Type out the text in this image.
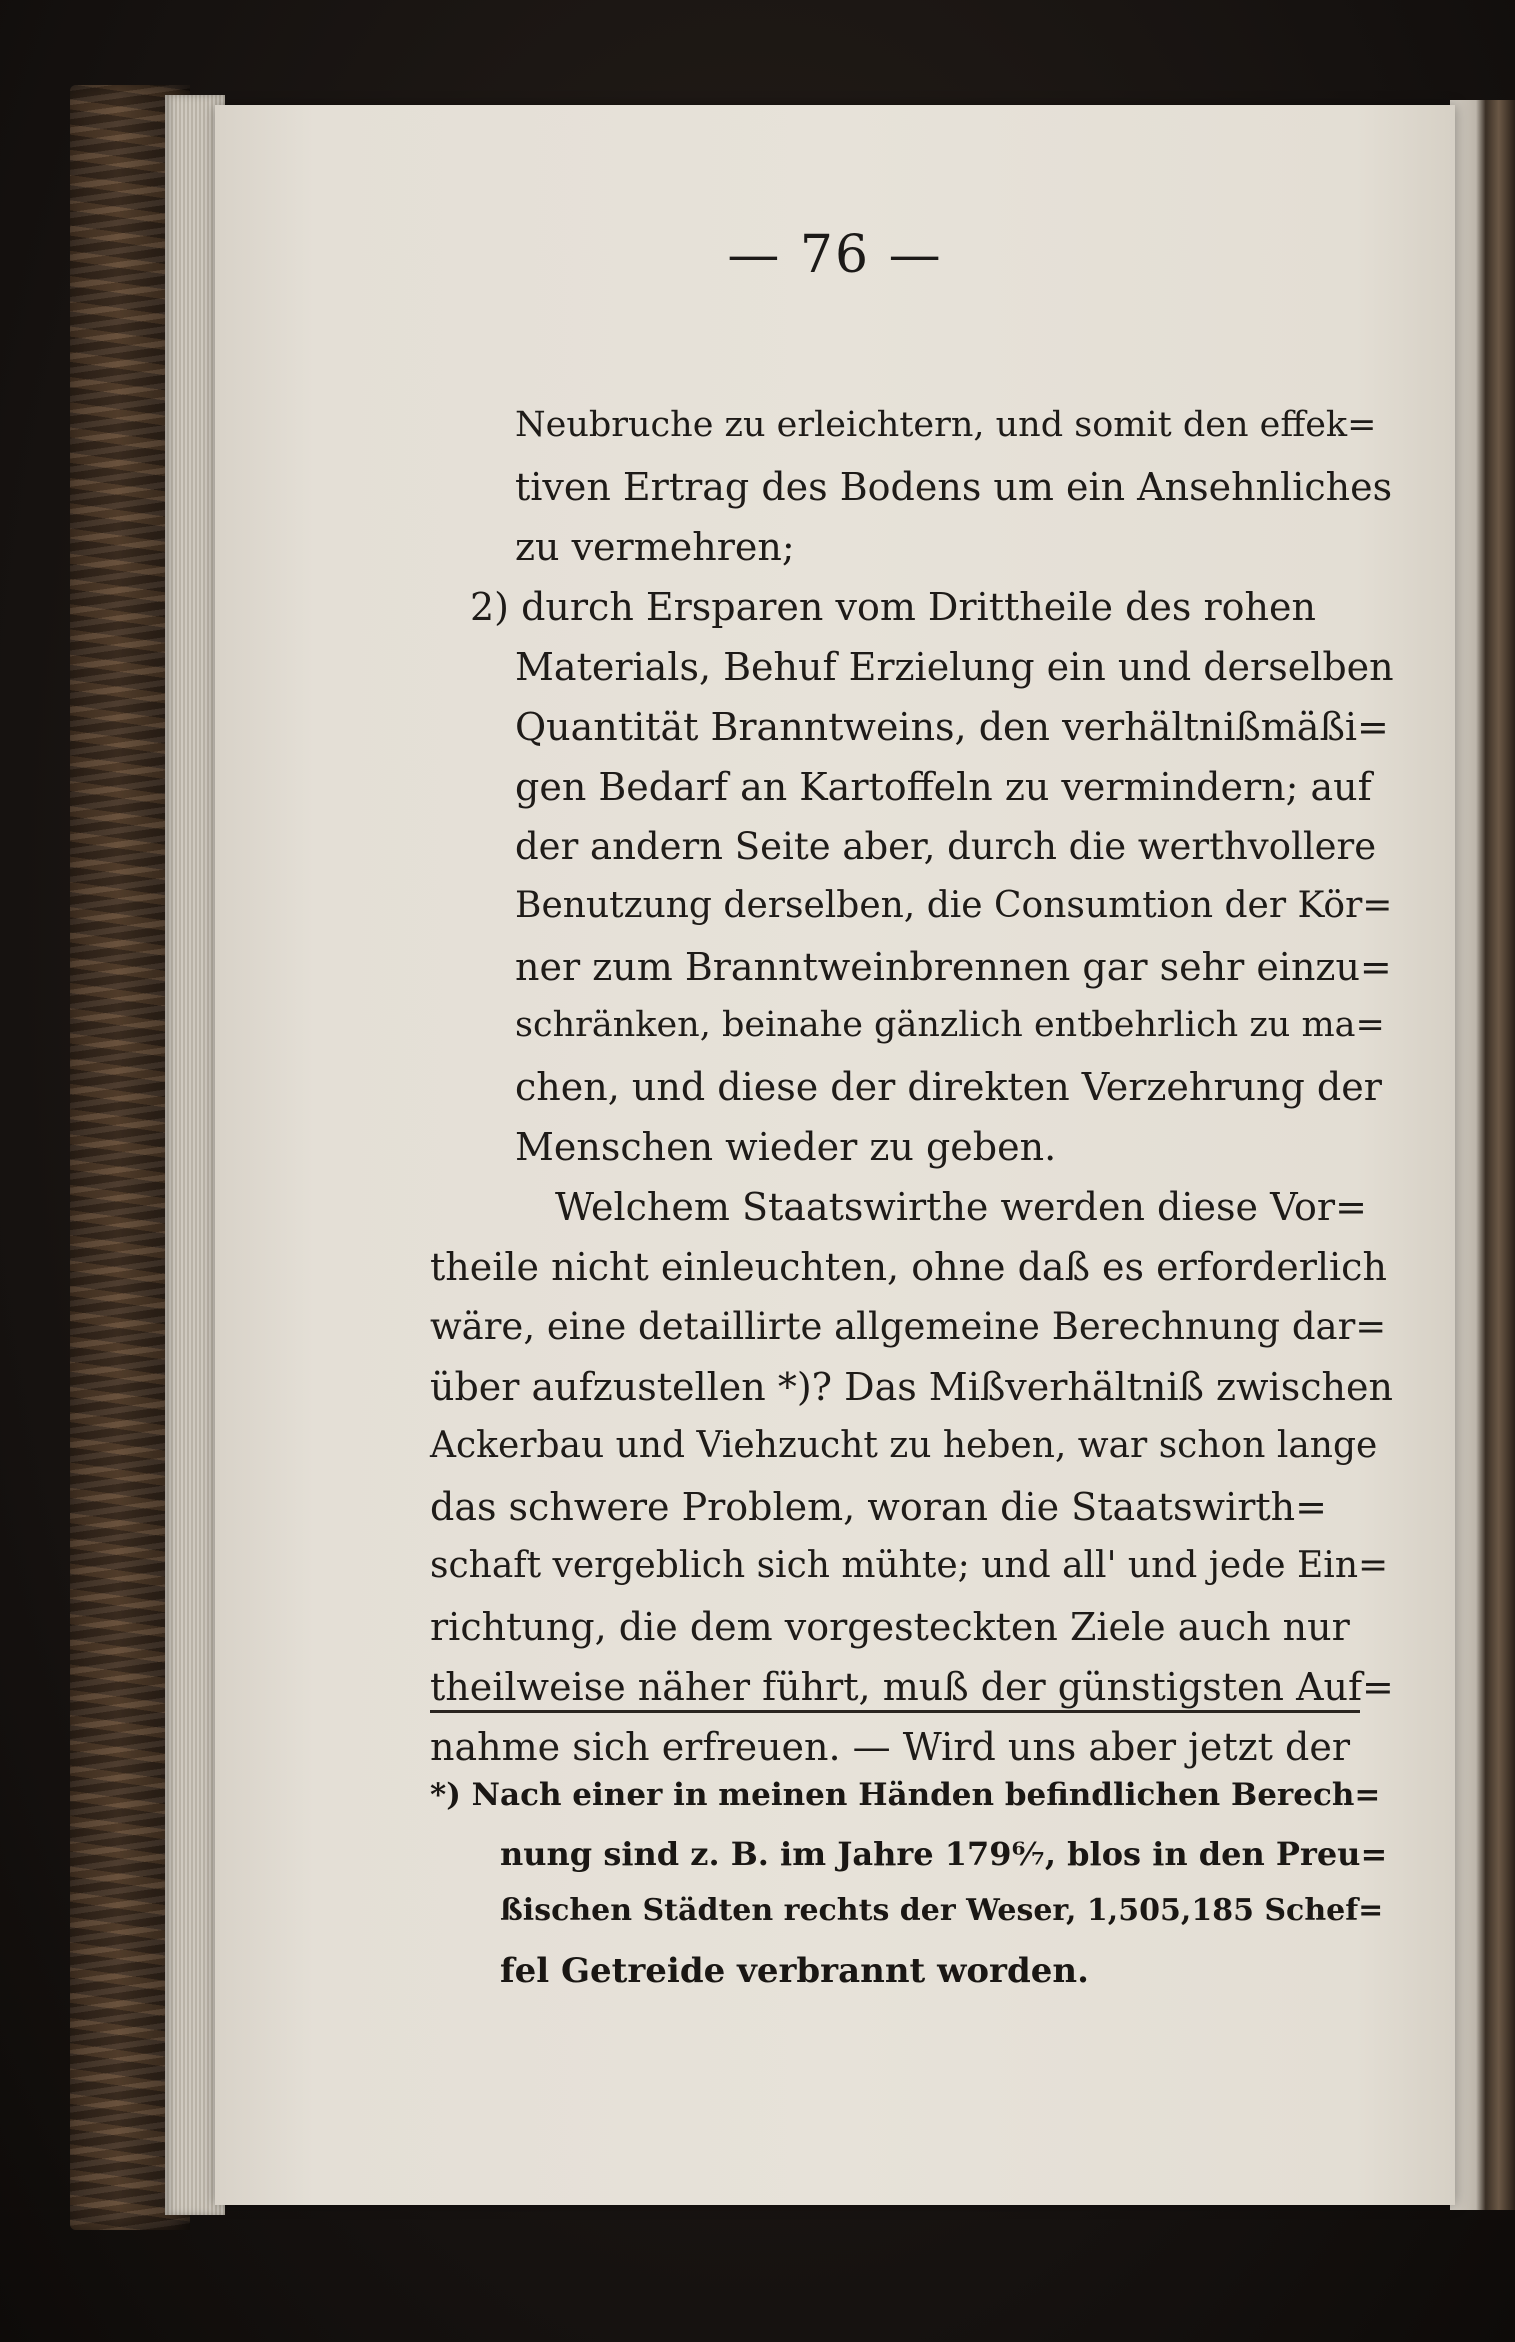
— 76 —
Neubruche zu erleichtern, und somit den effek=
tiven Ertrag des Bodens um ein Ansehnliches
zu vermehren;
2) durch Ersparen vom Drittheile des rohen
Materials, Behuf Erzielung ein und derselben
Quantität Branntweins, den verhältnißmäßi=
gen Bedarf an Kartoffeln zu vermindern; auf
der andern Seite aber, durch die werthvollere
Benutzung derselben, die Consumtion der Kör=
ner zum Branntweinbrennen gar sehr einzu=
schränken, beinahe gänzlich entbehrlich zu ma=
chen, und diese der direkten Verzehrung der
Menschen wieder zu geben.
Welchem Staatswirthe werden diese Vor=
theile nicht einleuchten, ohne daß es erforderlich
wäre, eine detaillirte allgemeine Berechnung dar=
über aufzustellen *)? Das Mißverhältniß zwischen
Ackerbau und Viehzucht zu heben, war schon lange
das schwere Problem, woran die Staatswirth=
schaft vergeblich sich mühte; und all' und jede Ein=
richtung, die dem vorgesteckten Ziele auch nur
theilweise näher führt, muß der günstigsten Auf=
nahme sich erfreuen. — Wird uns aber jetzt der
*) Nach einer in meinen Händen befindlichen Berech=
nung sind z. B. im Jahre 179⁶⁄₇, blos in den Preu=
ßischen Städten rechts der Weser, 1,505,185 Schef=
fel Getreide verbrannt worden.
